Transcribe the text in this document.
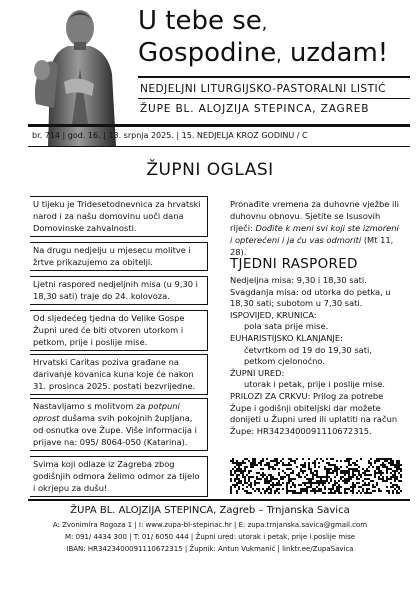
U tebe se,
Gospodine, uzdam!
NEDJELJNI LITURGIJSKO-PASTORALNI LISTIĆ
ŽUPE BL. ALOJZIJA STEPINCA, ZAGREB
br. 714 | god. 16. | 13. srpnja 2025. | 15. NEDJELJA KROZ GODINU / C
ŽUPNI OGLASI
U tijeku je Tridesetodnevnica za hrvatski narod i za našu domovinu uoči dana Domovinske zahvalnosti.
Na drugu nedjelju u mjesecu molitve i žrtve prikazujemo za obitelji.
Ljetni raspored nedjeljnih misa (u 9,30 i 18,30 sati) traje do 24. kolovoza.
Od sljedećeg tjedna do Velike Gospe Župni ured će biti otvoren utorkom i petkom, prije i poslije mise.
Hrvatski Caritas poziva građane na darivanje kovanica kuna koje će nakon 31. prosinca 2025. postati bezvrijedne.
Nastavljamo s molitvom za potpuni oprost dušama svih pokojnih župljana, od osnutka ove Župe. Više informacija i prijave na: 095/ 8064-050 (Katarina).
Svima koji odlaze iz Zagreba zbog godišnjih odmora želimo odmor za tijelo i okrjepu za dušu!
Pronađite vremena za duhovne vježbe ili duhovnu obnovu. Sjetite se Isusovih riječi: Dođite k meni svi koji ste izmoreni i opterećeni i ja ću vas odmoriti (Mt 11, 28).
TJEDNI RASPORED
Nedjeljna misa: 9,30 i 18,30 sati.
Svagdanja misa: od utorka do petka, u 18,30 sati; subotom u 7,30 sati.
ISPOVIJED, KRUNICA:
pola sata prije mise.
EUHARISTIJSKO KLANJANJE:
četvrtkom od 19 do 19,30 sati, petkom cjelonoćno.
ŽUPNI URED:
utorak i petak, prije i poslije mise.
PRILOZI ZA CRKVU: Prilog za potrebe Župe i godišnji obiteljski dar možete donijeti u Župni ured ili uplatiti na račun Župe: HR3423400091110672315.
ŽUPA BL. ALOJZIJA STEPINCA, Zagreb – Trnjanska Savica
A: Zvonimira Rogoza 1 | I: www.zupa-bl-stepinac.hr | E: zupa.trnjanska.savica@gmail.com
M: 091/ 4434 300 | T: 01/ 6050 444 | Župni ured: utorak i petak, prije i poslije mise
IBAN: HR3423400091110672315 | Župnik: Antun Vukmanić | linktr.ee/ZupaSavica
